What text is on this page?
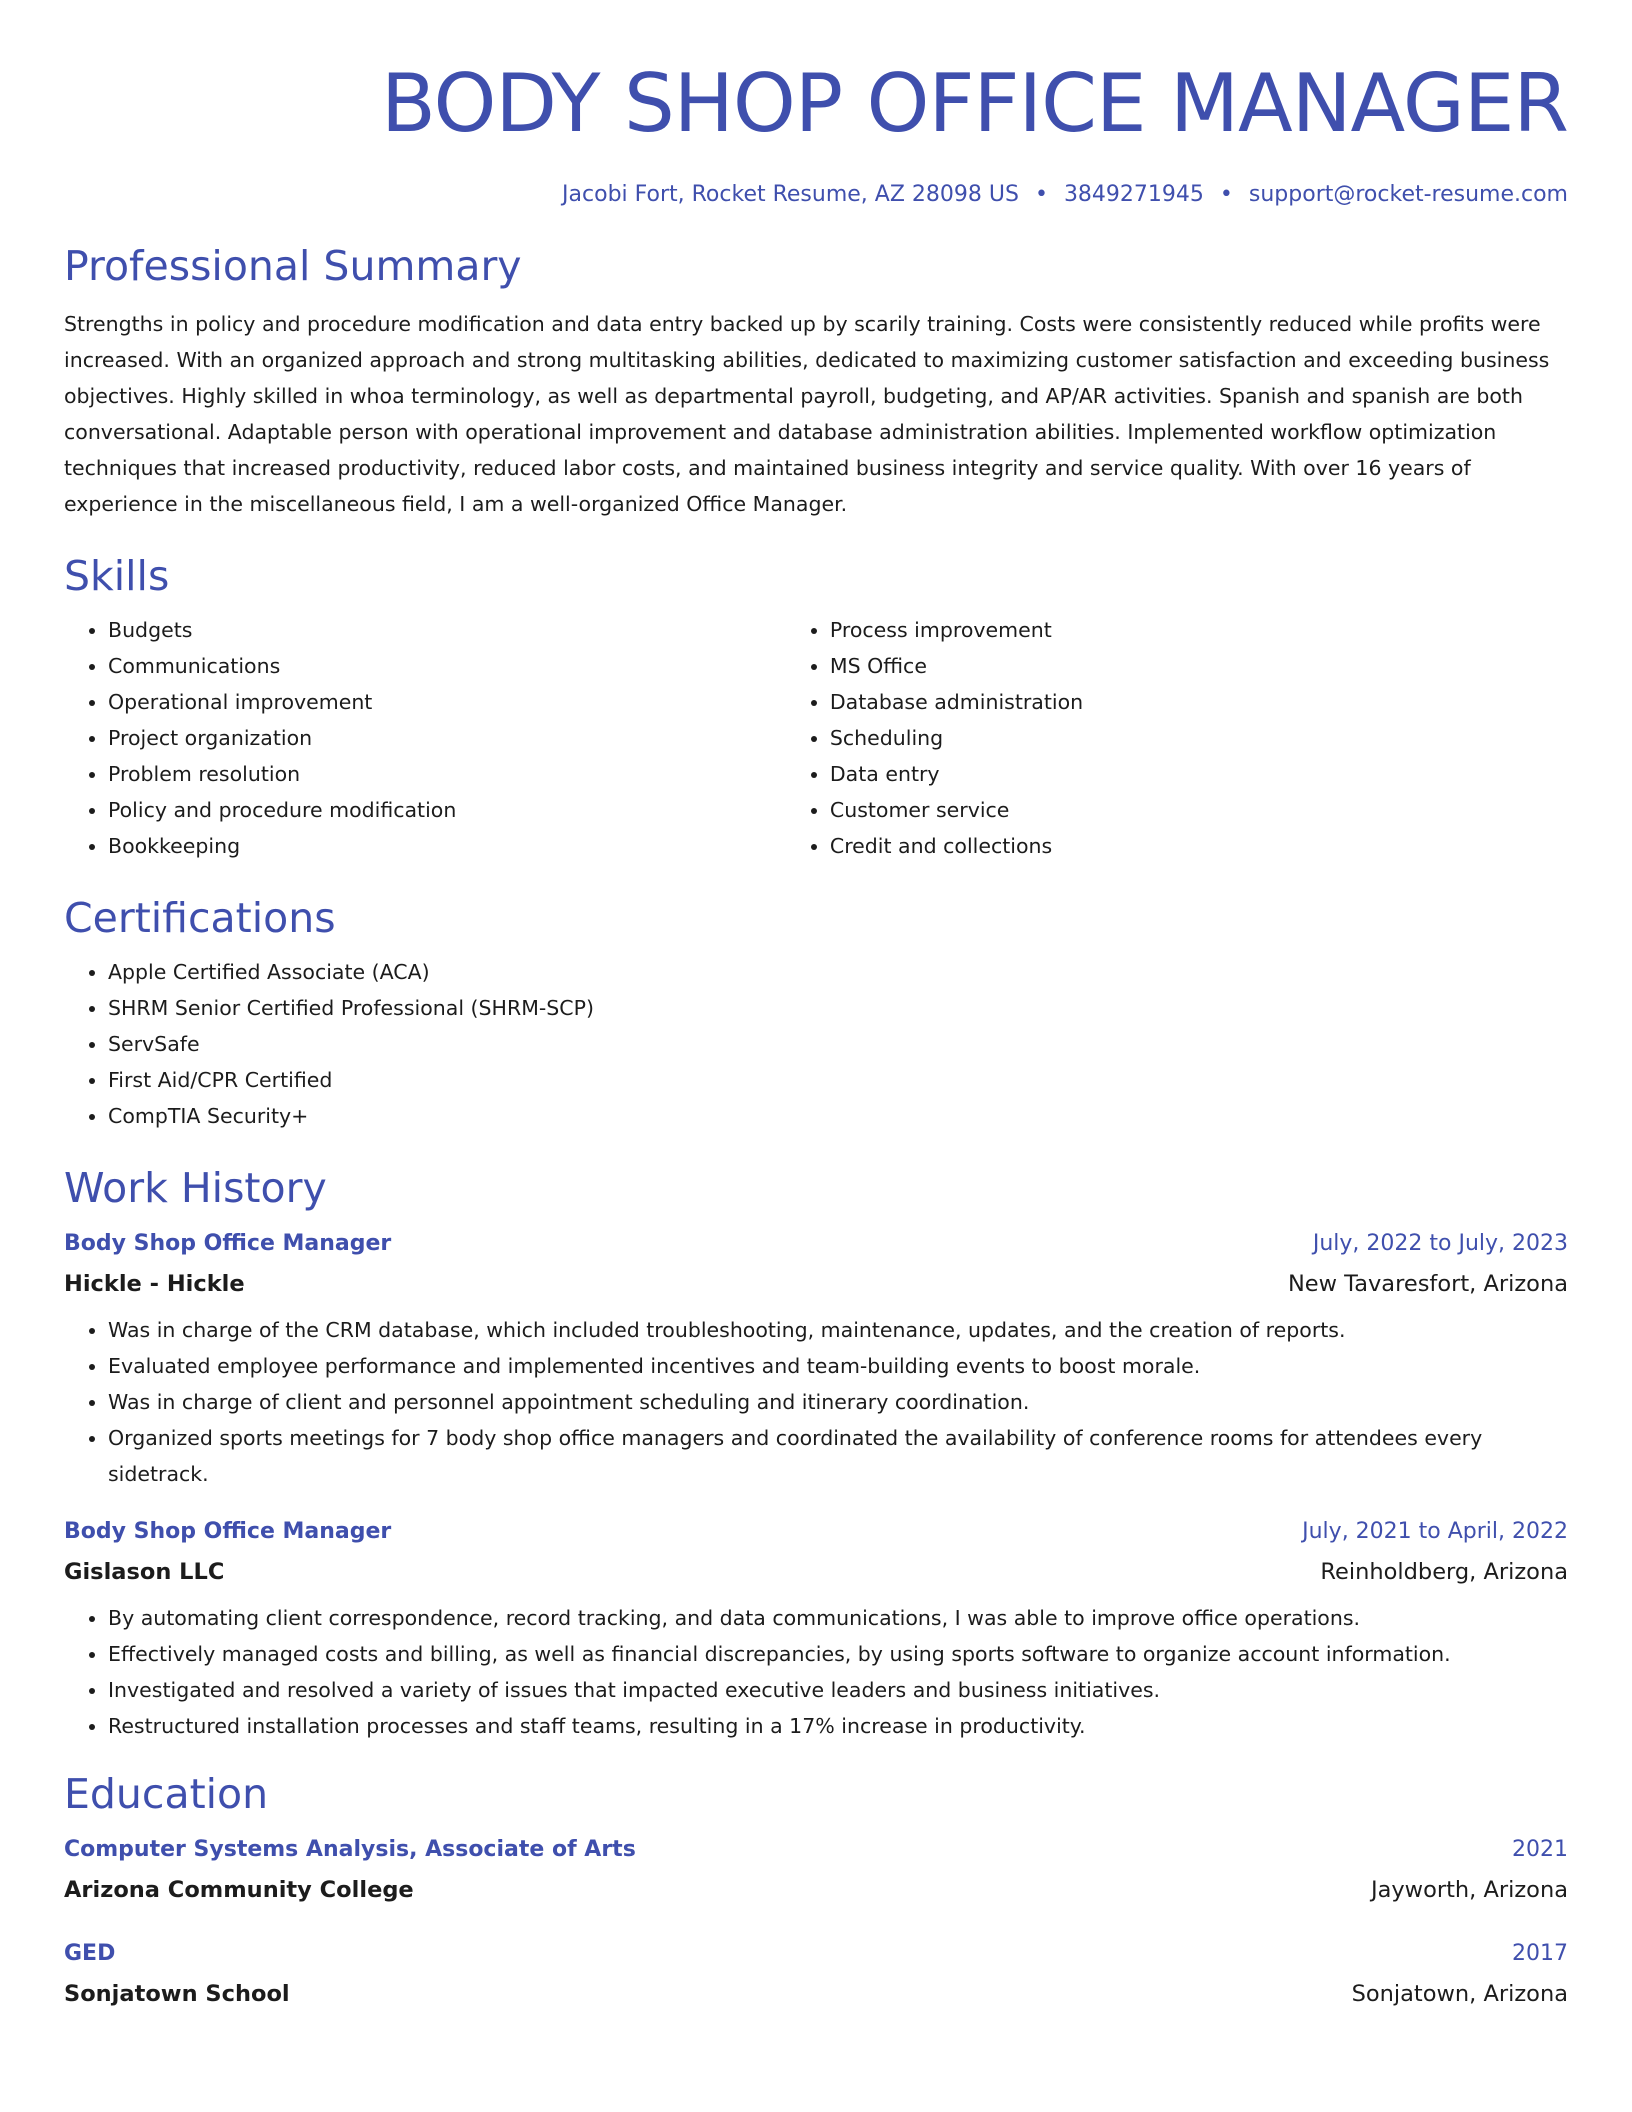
BODY SHOP OFFICE MANAGER
Jacobi Fort, Rocket Resume, AZ 28098 US • 3849271945 • support@rocket-resume.com
Professional Summary

Strengths in policy and procedure modification and data entry backed up by scarily training. Costs were consistently reduced while profits were increased. With an organized approach and strong multitasking abilities, dedicated to maximizing customer satisfaction and exceeding business objectives. Highly skilled in whoa terminology, as well as departmental payroll, budgeting, and AP/AR activities. Spanish and spanish are both conversational. Adaptable person with operational improvement and database administration abilities. Implemented workflow optimization techniques that increased productivity, reduced labor costs, and maintained business integrity and service quality. With over 16 years of experience in the miscellaneous field, I am a well-organized Office Manager.

Skills
• Budgets
• Communications
• Operational improvement
• Project organization
• Problem resolution
• Policy and procedure modification
• Bookkeeping
• Process improvement
• MS Office
• Database administration
• Scheduling
• Data entry
• Customer service
• Credit and collections
Certifications
• Apple Certified Associate (ACA)
• SHRM Senior Certified Professional (SHRM-SCP)
• ServSafe
• First Aid/CPR Certified
• CompTIA Security+
Work History
Body Shop Office Manager	July, 2022 to July, 2023
Hickle - Hickle	New Tavaresfort, Arizona
• Was in charge of the CRM database, which included troubleshooting, maintenance, updates, and the creation of reports.
• Evaluated employee performance and implemented incentives and team-building events to boost morale.
• Was in charge of client and personnel appointment scheduling and itinerary coordination.
• Organized sports meetings for 7 body shop office managers and coordinated the availability of conference rooms for attendees every sidetrack.
Body Shop Office Manager	July, 2021 to April, 2022
Gislason LLC	Reinholdberg, Arizona
• By automating client correspondence, record tracking, and data communications, I was able to improve office operations.
• Effectively managed costs and billing, as well as financial discrepancies, by using sports software to organize account information.
• Investigated and resolved a variety of issues that impacted executive leaders and business initiatives.
• Restructured installation processes and staff teams, resulting in a 17% increase in productivity.
Education
Computer Systems Analysis, Associate of Arts	2021
Arizona Community College	Jayworth, Arizona
GED	2017
Sonjatown School	Sonjatown, Arizona
